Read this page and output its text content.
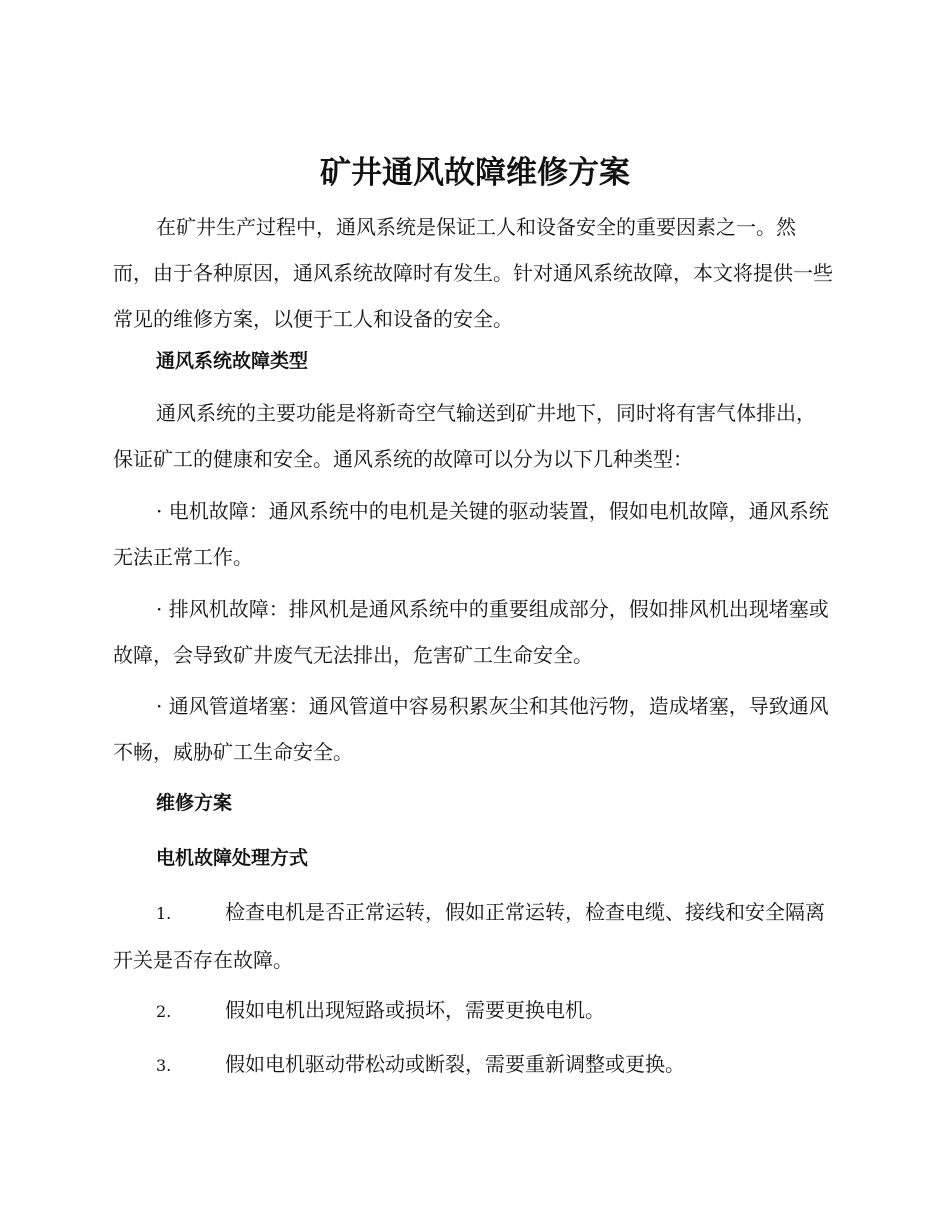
矿井通风故障维修方案

在矿井生产过程中，通风系统是保证工人和设备安全的重要因素之一。然而，由于各种原因，通风系统故障时有发生。针对通风系统故障，本文将提供一些常见的维修方案，以便于工人和设备的安全。

通风系统故障类型

通风系统的主要功能是将新奇空气输送到矿井地下，同时将有害气体排出，保证矿工的健康和安全。通风系统的故障可以分为以下几种类型：

· 电机故障：通风系统中的电机是关键的驱动装置，假如电机故障，通风系统无法正常工作。

· 排风机故障：排风机是通风系统中的重要组成部分，假如排风机出现堵塞或故障，会导致矿井废气无法排出，危害矿工生命安全。

· 通风管道堵塞：通风管道中容易积累灰尘和其他污物，造成堵塞，导致通风不畅，威胁矿工生命安全。

维修方案
电机故障处理方式

1.	检查电机是否正常运转，假如正常运转，检查电缆、接线和安全隔离开关是否存在故障。

2.	假如电机出现短路或损坏，需要更换电机。

3.	假如电机驱动带松动或断裂，需要重新调整或更换。
